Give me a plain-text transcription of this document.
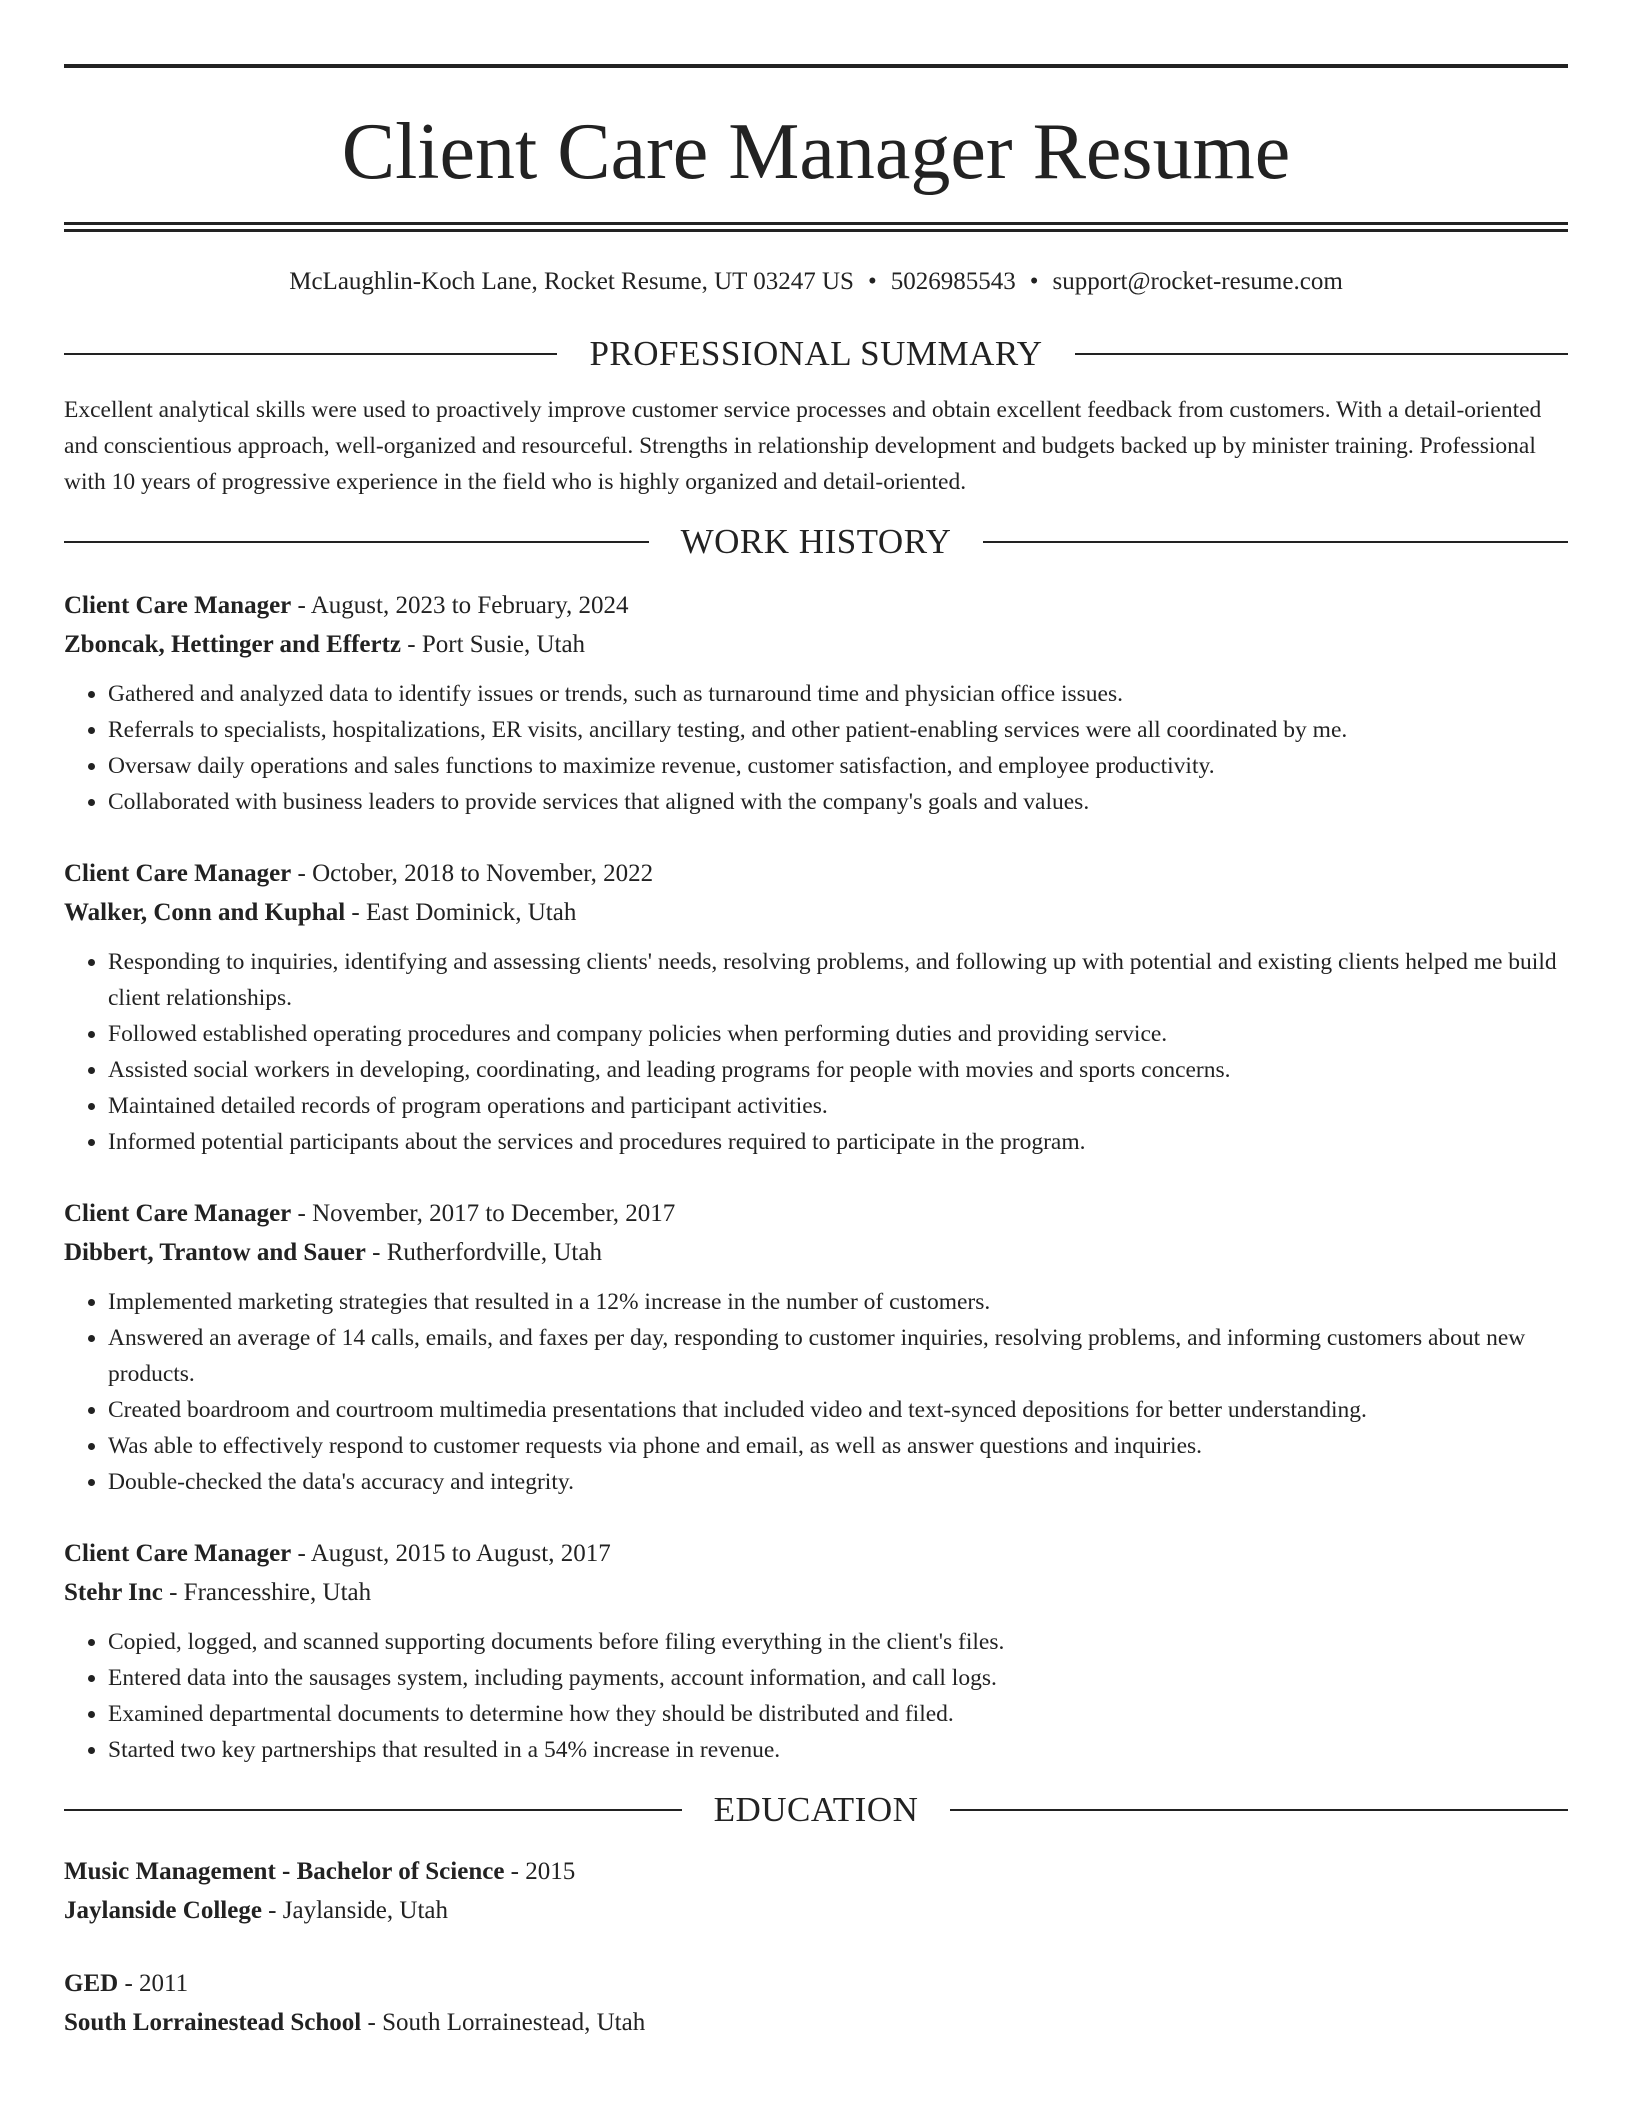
Client Care Manager Resume
McLaughlin-Koch Lane, Rocket Resume, UT 03247 US • 5026985543 • support@rocket-resume.com
PROFESSIONAL SUMMARY
Excellent analytical skills were used to proactively improve customer service processes and obtain excellent feedback from customers. With a detail-oriented and conscientious approach, well-organized and resourceful. Strengths in relationship development and budgets backed up by minister training. Professional with 10 years of progressive experience in the field who is highly organized and detail-oriented.
WORK HISTORY
Client Care Manager - August, 2023 to February, 2024
Zboncak, Hettinger and Effertz - Port Susie, Utah
• Gathered and analyzed data to identify issues or trends, such as turnaround time and physician office issues.
• Referrals to specialists, hospitalizations, ER visits, ancillary testing, and other patient-enabling services were all coordinated by me.
• Oversaw daily operations and sales functions to maximize revenue, customer satisfaction, and employee productivity.
• Collaborated with business leaders to provide services that aligned with the company's goals and values.
Client Care Manager - October, 2018 to November, 2022
Walker, Conn and Kuphal - East Dominick, Utah
• Responding to inquiries, identifying and assessing clients' needs, resolving problems, and following up with potential and existing clients helped me build client relationships.
• Followed established operating procedures and company policies when performing duties and providing service.
• Assisted social workers in developing, coordinating, and leading programs for people with movies and sports concerns.
• Maintained detailed records of program operations and participant activities.
• Informed potential participants about the services and procedures required to participate in the program.
Client Care Manager - November, 2017 to December, 2017
Dibbert, Trantow and Sauer - Rutherfordville, Utah
• Implemented marketing strategies that resulted in a 12% increase in the number of customers.
• Answered an average of 14 calls, emails, and faxes per day, responding to customer inquiries, resolving problems, and informing customers about new products.
• Created boardroom and courtroom multimedia presentations that included video and text-synced depositions for better understanding.
• Was able to effectively respond to customer requests via phone and email, as well as answer questions and inquiries.
• Double-checked the data's accuracy and integrity.
Client Care Manager - August, 2015 to August, 2017
Stehr Inc - Francesshire, Utah
• Copied, logged, and scanned supporting documents before filing everything in the client's files.
• Entered data into the sausages system, including payments, account information, and call logs.
• Examined departmental documents to determine how they should be distributed and filed.
• Started two key partnerships that resulted in a 54% increase in revenue.
EDUCATION
Music Management - Bachelor of Science - 2015
Jaylanside College - Jaylanside, Utah
GED - 2011
South Lorrainestead School - South Lorrainestead, Utah
